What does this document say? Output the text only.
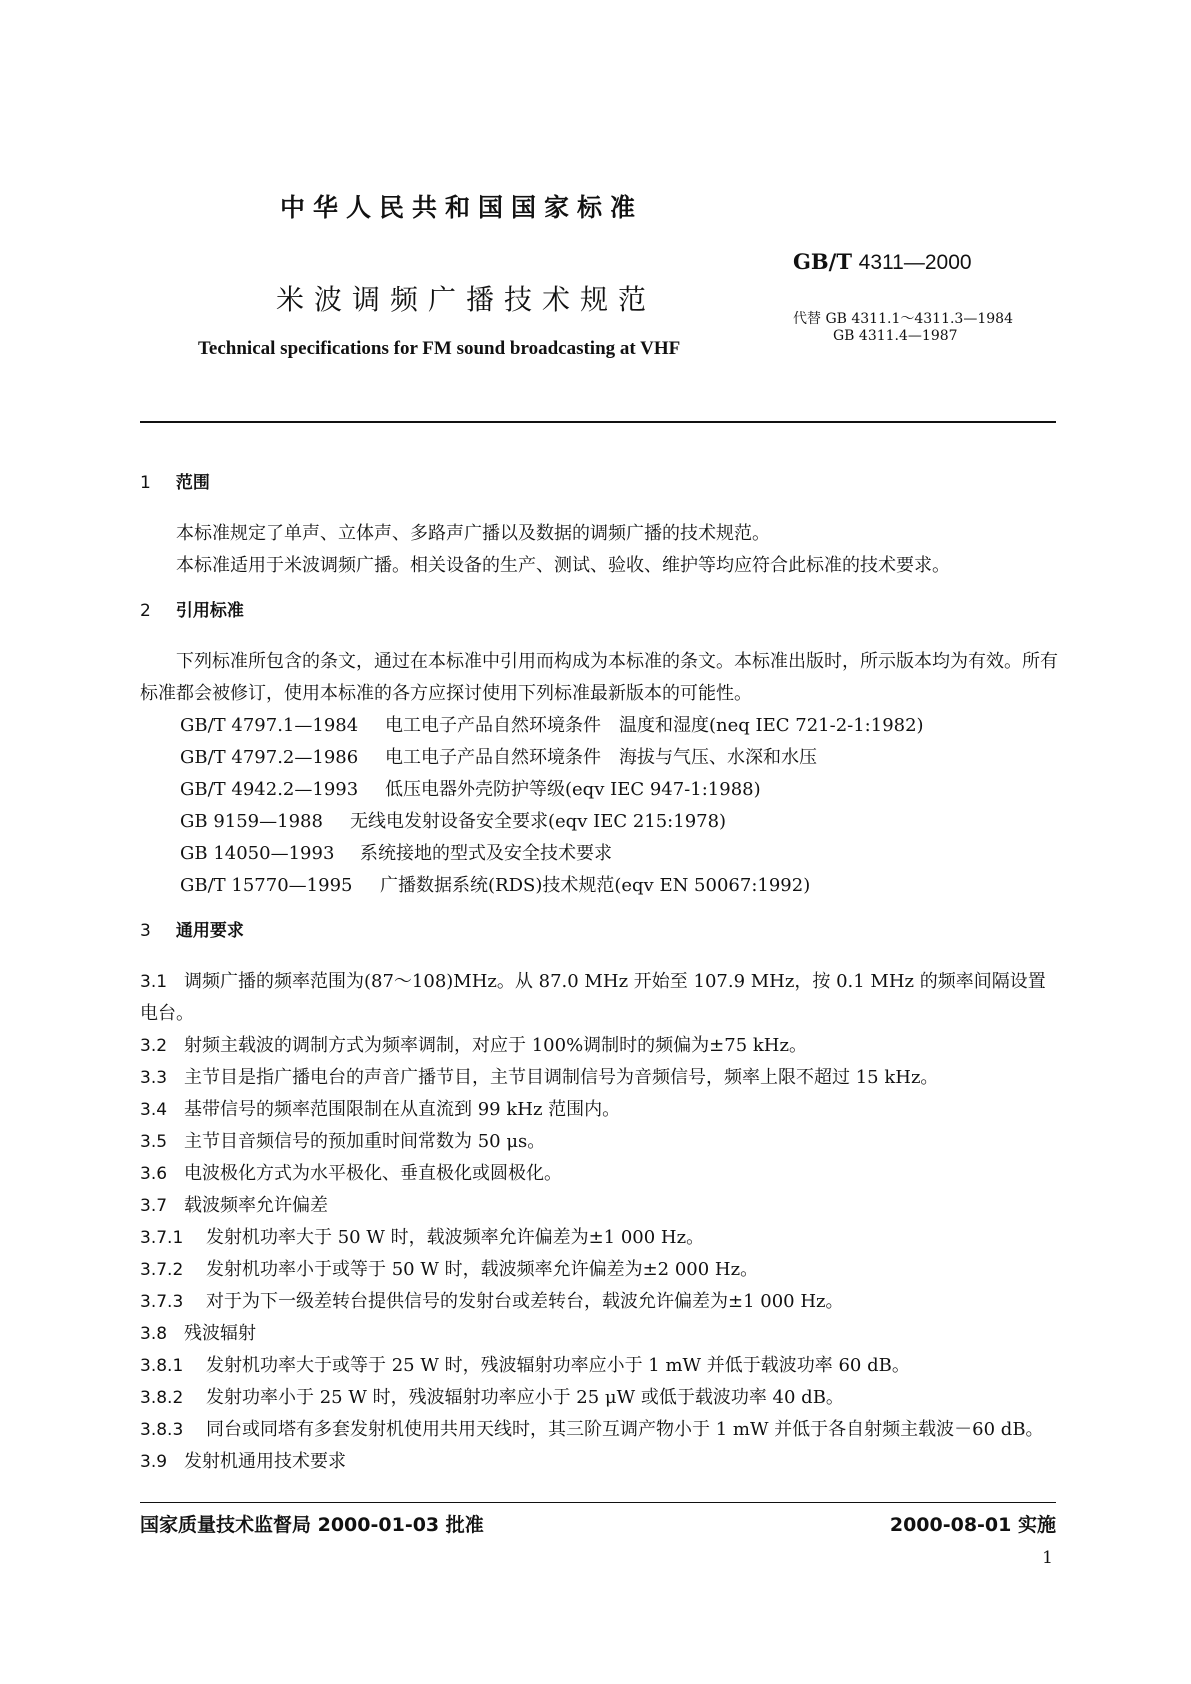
中华人民共和国国家标准
米波调频广播技术规范
Technical specifications for FM sound broadcasting at VHF
GB/T 4311—2000
代替 GB 4311.1～4311.3—1984
GB 4311.4—1987
1 范围

本标准规定了单声、立体声、多路声广播以及数据的调频广播的技术规范。

本标准适用于米波调频广播。相关设备的生产、测试、验收、维护等均应符合此标准的技术要求。

2 引用标准

下列标准所包含的条文，通过在本标准中引用而构成为本标准的条文。本标准出版时，所示版本均为有效。所有标准都会被修订，使用本标准的各方应探讨使用下列标准最新版本的可能性。

GB/T 4797.1—1984 电工电子产品自然环境条件　温度和湿度(neq IEC 721-2-1:1982)
GB/T 4797.2—1986 电工电子产品自然环境条件　海拔与气压、水深和水压
GB/T 4942.2—1993 低压电器外壳防护等级(eqv IEC 947-1:1988)
GB 9159—1988 无线电发射设备安全要求(eqv IEC 215:1978)
GB 14050—1993 系统接地的型式及安全技术要求
GB/T 15770—1995 广播数据系统(RDS)技术规范(eqv EN 50067:1992)
3 通用要求

3.1 调频广播的频率范围为(87～108)MHz。从 87.0 MHz 开始至 107.9 MHz，按 0.1 MHz 的频率间隔设置电台。

3.2 射频主载波的调制方式为频率调制，对应于 100%调制时的频偏为±75 kHz。

3.3 主节目是指广播电台的声音广播节目，主节目调制信号为音频信号，频率上限不超过 15 kHz。

3.4 基带信号的频率范围限制在从直流到 99 kHz 范围内。

3.5 主节目音频信号的预加重时间常数为 50 μs。

3.6 电波极化方式为水平极化、垂直极化或圆极化。

3.7 载波频率允许偏差

3.7.1 发射机功率大于 50 W 时，载波频率允许偏差为±1 000 Hz。

3.7.2 发射机功率小于或等于 50 W 时，载波频率允许偏差为±2 000 Hz。

3.7.3 对于为下一级差转台提供信号的发射台或差转台，载波允许偏差为±1 000 Hz。

3.8 残波辐射

3.8.1 发射机功率大于或等于 25 W 时，残波辐射功率应小于 1 mW 并低于载波功率 60 dB。

3.8.2 发射功率小于 25 W 时，残波辐射功率应小于 25 μW 或低于载波功率 40 dB。

3.8.3 同台或同塔有多套发射机使用共用天线时，其三阶互调产物小于 1 mW 并低于各自射频主载波－60 dB。

3.9 发射机通用技术要求

国家质量技术监督局 2000-01-03 批准	2000-08-01 实施
1
